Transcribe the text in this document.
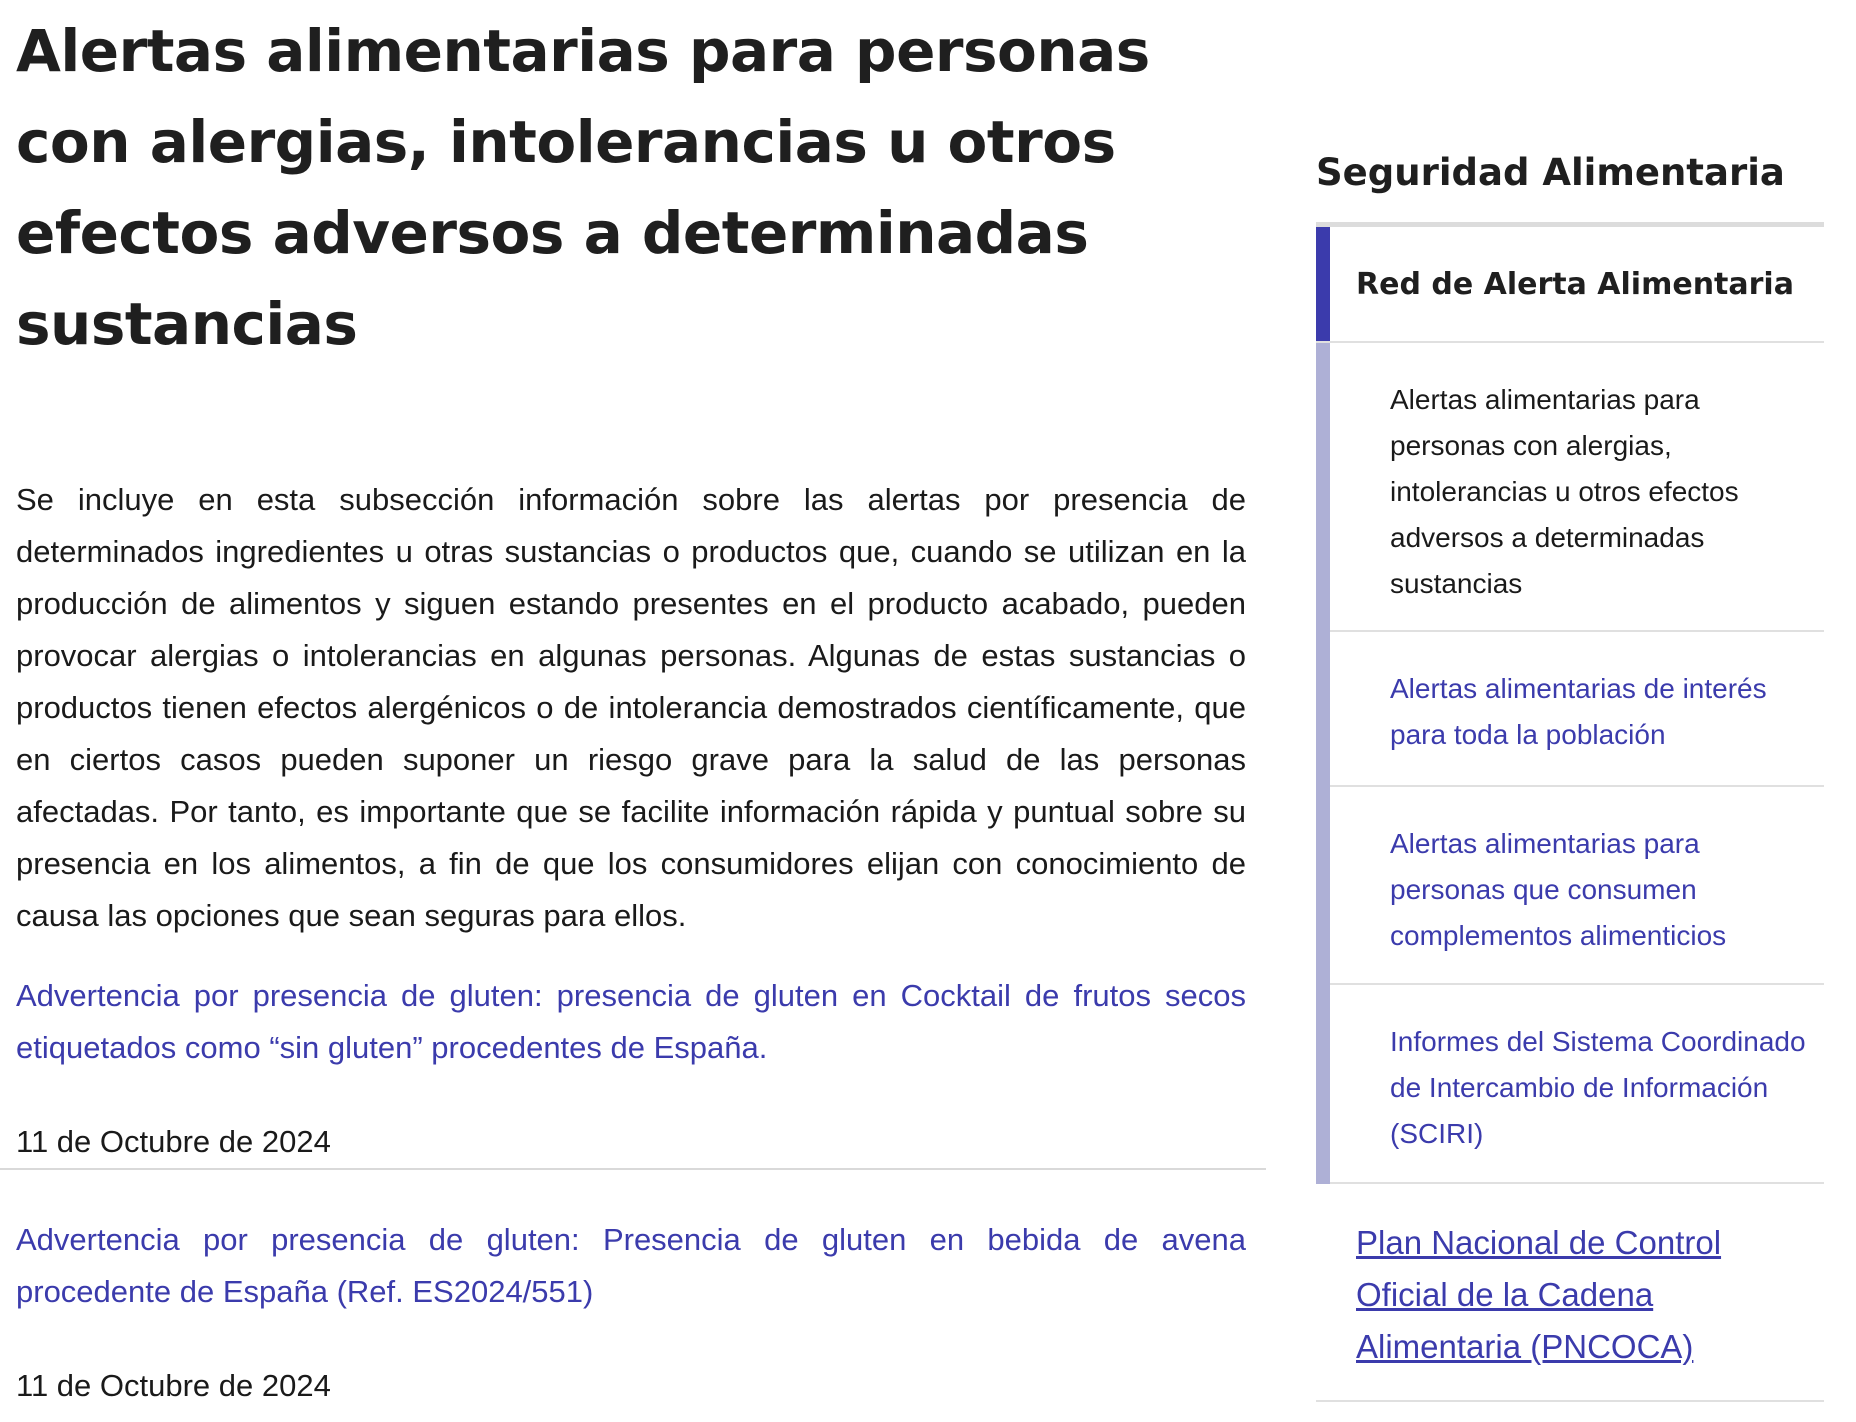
Alertas alimentarias para personas con alergias, intolerancias u otros efectos adversos a determinadas sustancias

Se incluye en esta subsección información sobre las alertas por presencia de determinados ingredientes u otras sustancias o productos que, cuando se utilizan en la producción de alimentos y siguen estando presentes en el producto acabado, pueden provocar alergias o intolerancias en algunas personas. Algunas de estas sustancias o productos tienen efectos alergénicos o de intolerancia demostrados científicamente, que en ciertos casos pueden suponer un riesgo grave para la salud de las personas afectadas. Por tanto, es importante que se facilite información rápida y puntual sobre su presencia en los alimentos, a fin de que los consumidores elijan con conocimiento de causa las opciones que sean seguras para ellos.

Advertencia por presencia de gluten: presencia de gluten en Cocktail de frutos secos etiquetados como “sin gluten” procedentes de España.
11 de Octubre de 2024
Advertencia por presencia de gluten: Presencia de gluten en bebida de avena procedente de España (Ref. ES2024/551)
11 de Octubre de 2024
Seguridad Alimentaria
Red de Alerta Alimentaria
Alertas alimentarias para personas con alergias, intolerancias u otros efectos adversos a determinadas sustancias
Alertas alimentarias de interés para toda la población
Alertas alimentarias para personas que consumen complementos alimenticios
Informes del Sistema Coordinado de Intercambio de Información (SCIRI)
Plan Nacional de Control Oficial de la Cadena Alimentaria (PNCOCA)
